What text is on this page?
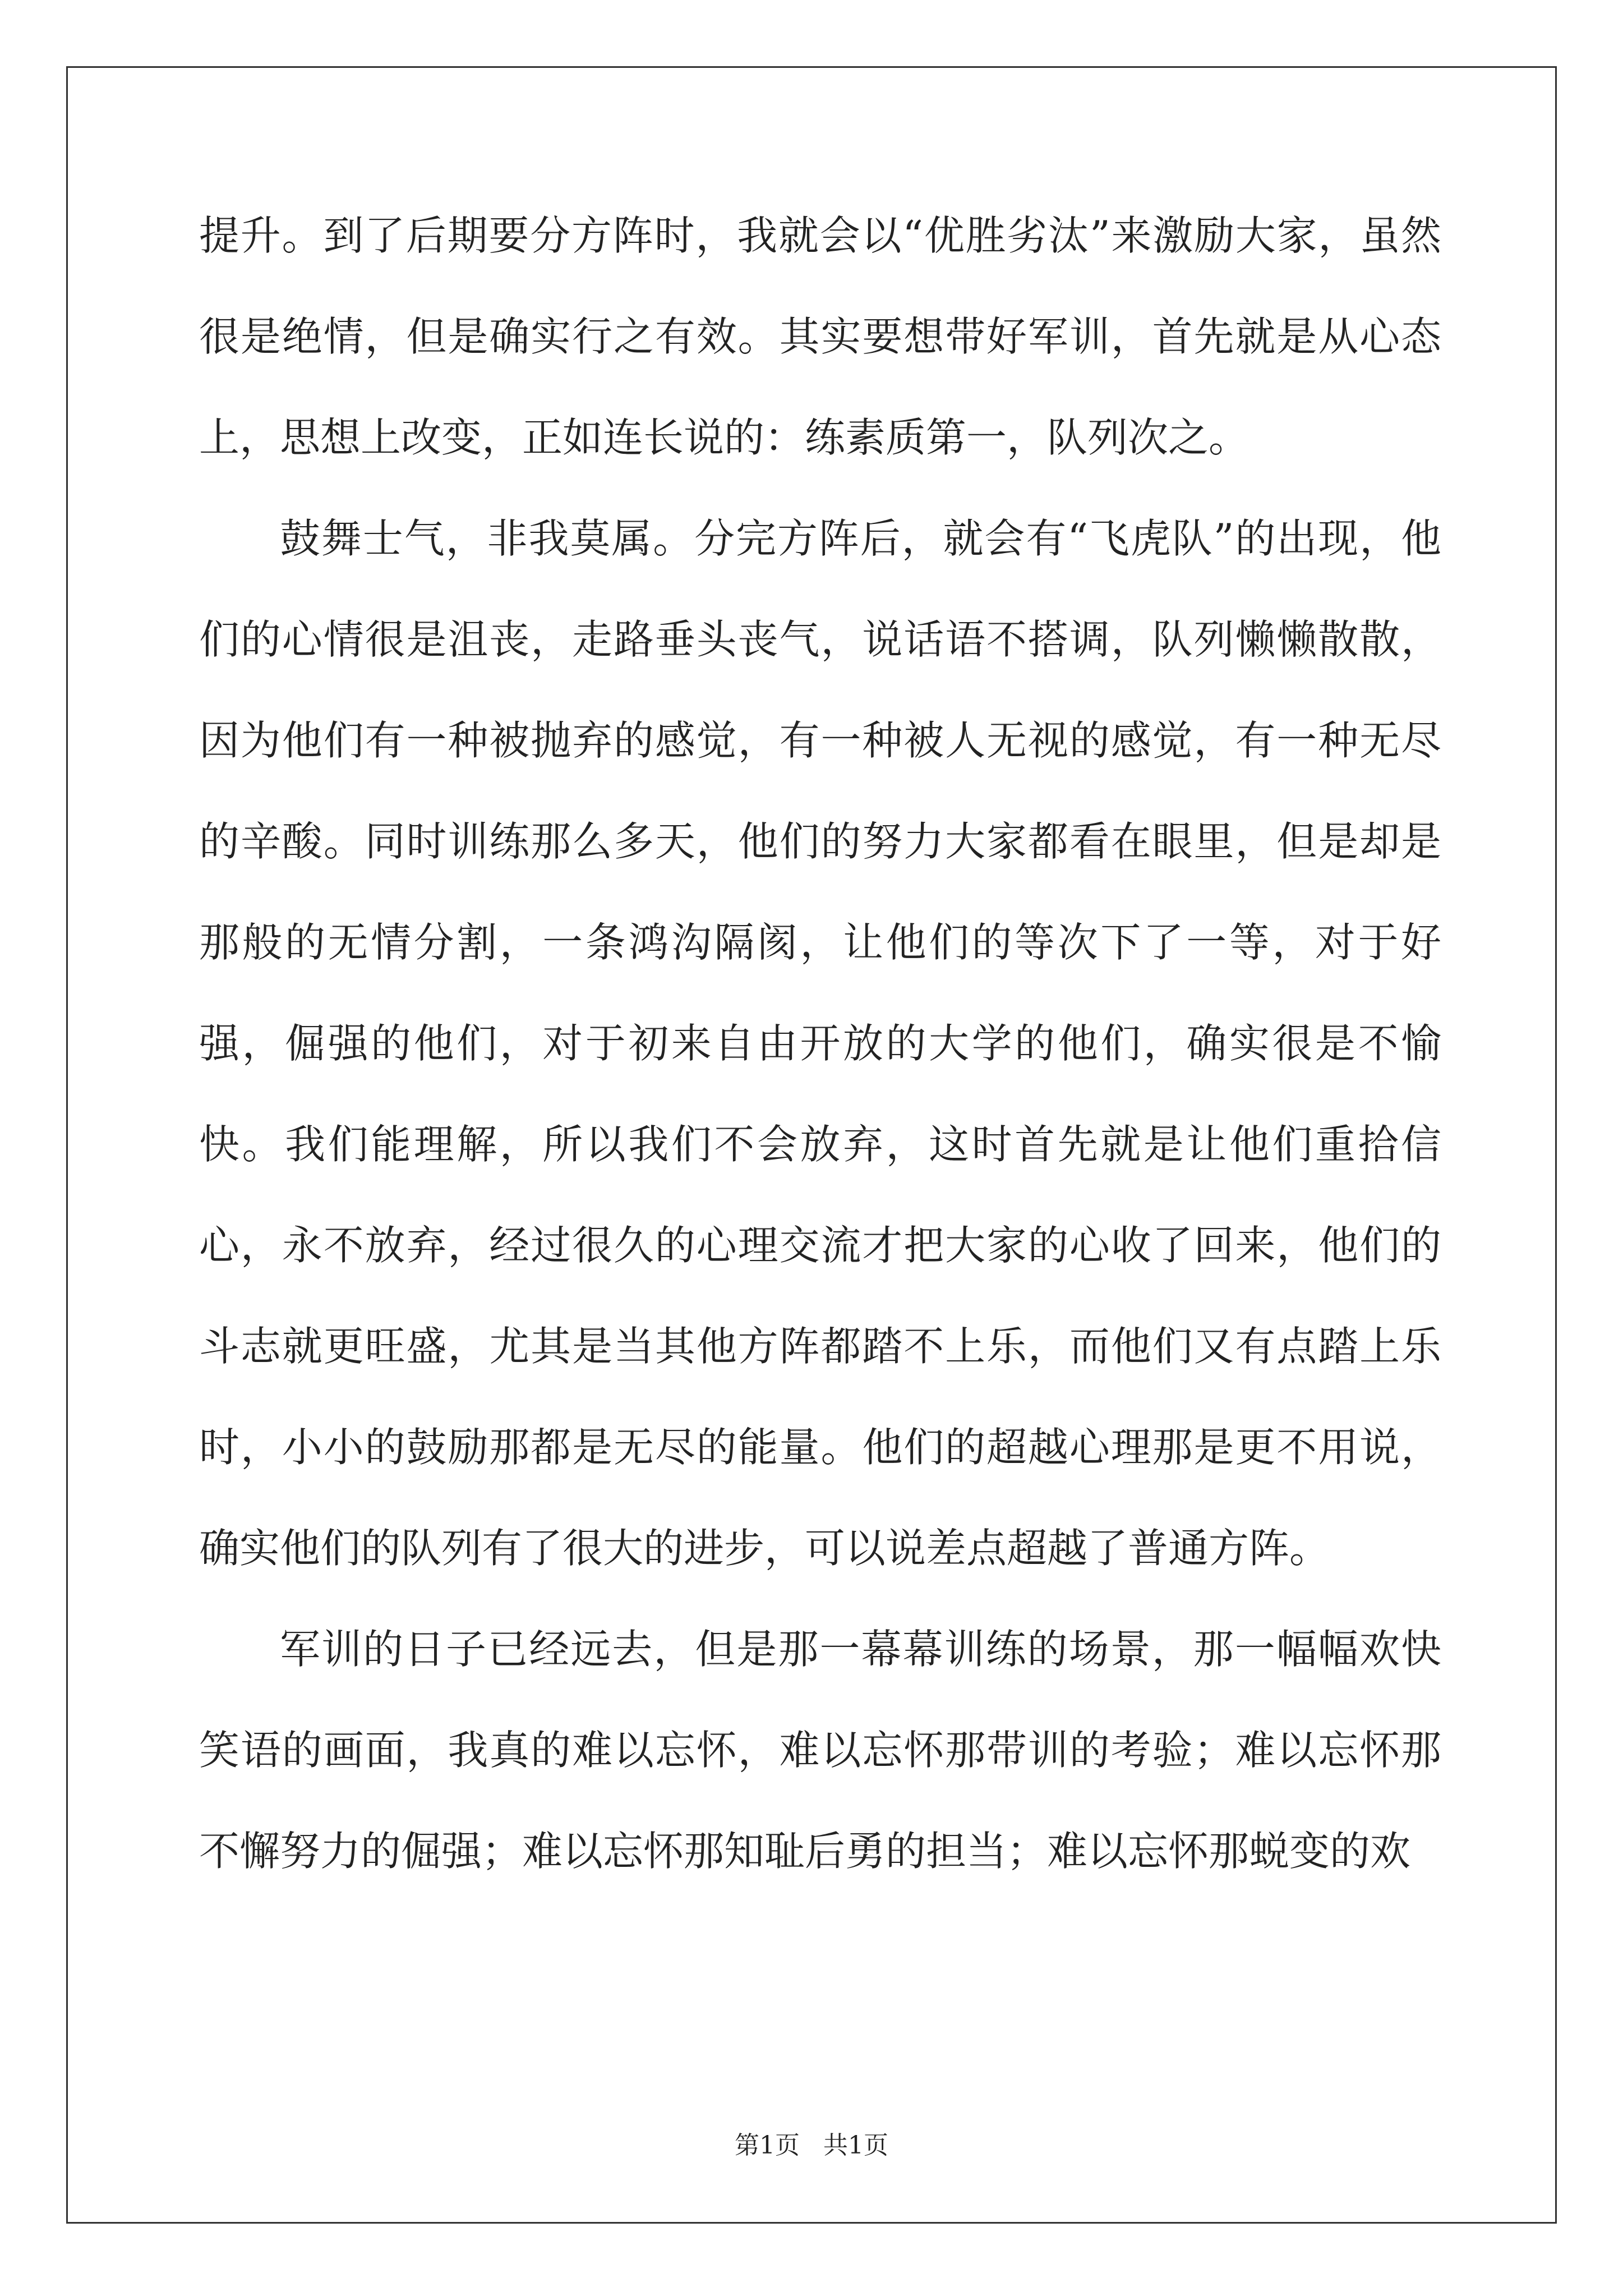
提升。到了后期要分方阵时，我就会以“优胜劣汰”来激励大家，虽然很是绝情，但是确实行之有效。其实要想带好军训，首先就是从心态上，思想上改变，正如连长说的：练素质第一，队列次之。

鼓舞士气，非我莫属。分完方阵后，就会有“飞虎队”的出现，他们的心情很是沮丧，走路垂头丧气，说话语不搭调，队列懒懒散散，因为他们有一种被抛弃的感觉，有一种被人无视的感觉，有一种无尽的辛酸。同时训练那么多天，他们的努力大家都看在眼里，但是却是那般的无情分割，一条鸿沟隔阂，让他们的等次下了一等，对于好强，倔强的他们，对于初来自由开放的大学的他们，确实很是不愉快。我们能理解，所以我们不会放弃，这时首先就是让他们重拾信心，永不放弃，经过很久的心理交流才把大家的心收了回来，他们的斗志就更旺盛，尤其是当其他方阵都踏不上乐，而他们又有点踏上乐时，小小的鼓励那都是无尽的能量。他们的超越心理那是更不用说，确实他们的队列有了很大的进步，可以说差点超越了普通方阵。

军训的日子已经远去，但是那一幕幕训练的场景，那一幅幅欢快笑语的画面，我真的难以忘怀，难以忘怀那带训的考验；难以忘怀那不懈努力的倔强；难以忘怀那知耻后勇的担当；难以忘怀那蜕变的欢

第1页 共1页
